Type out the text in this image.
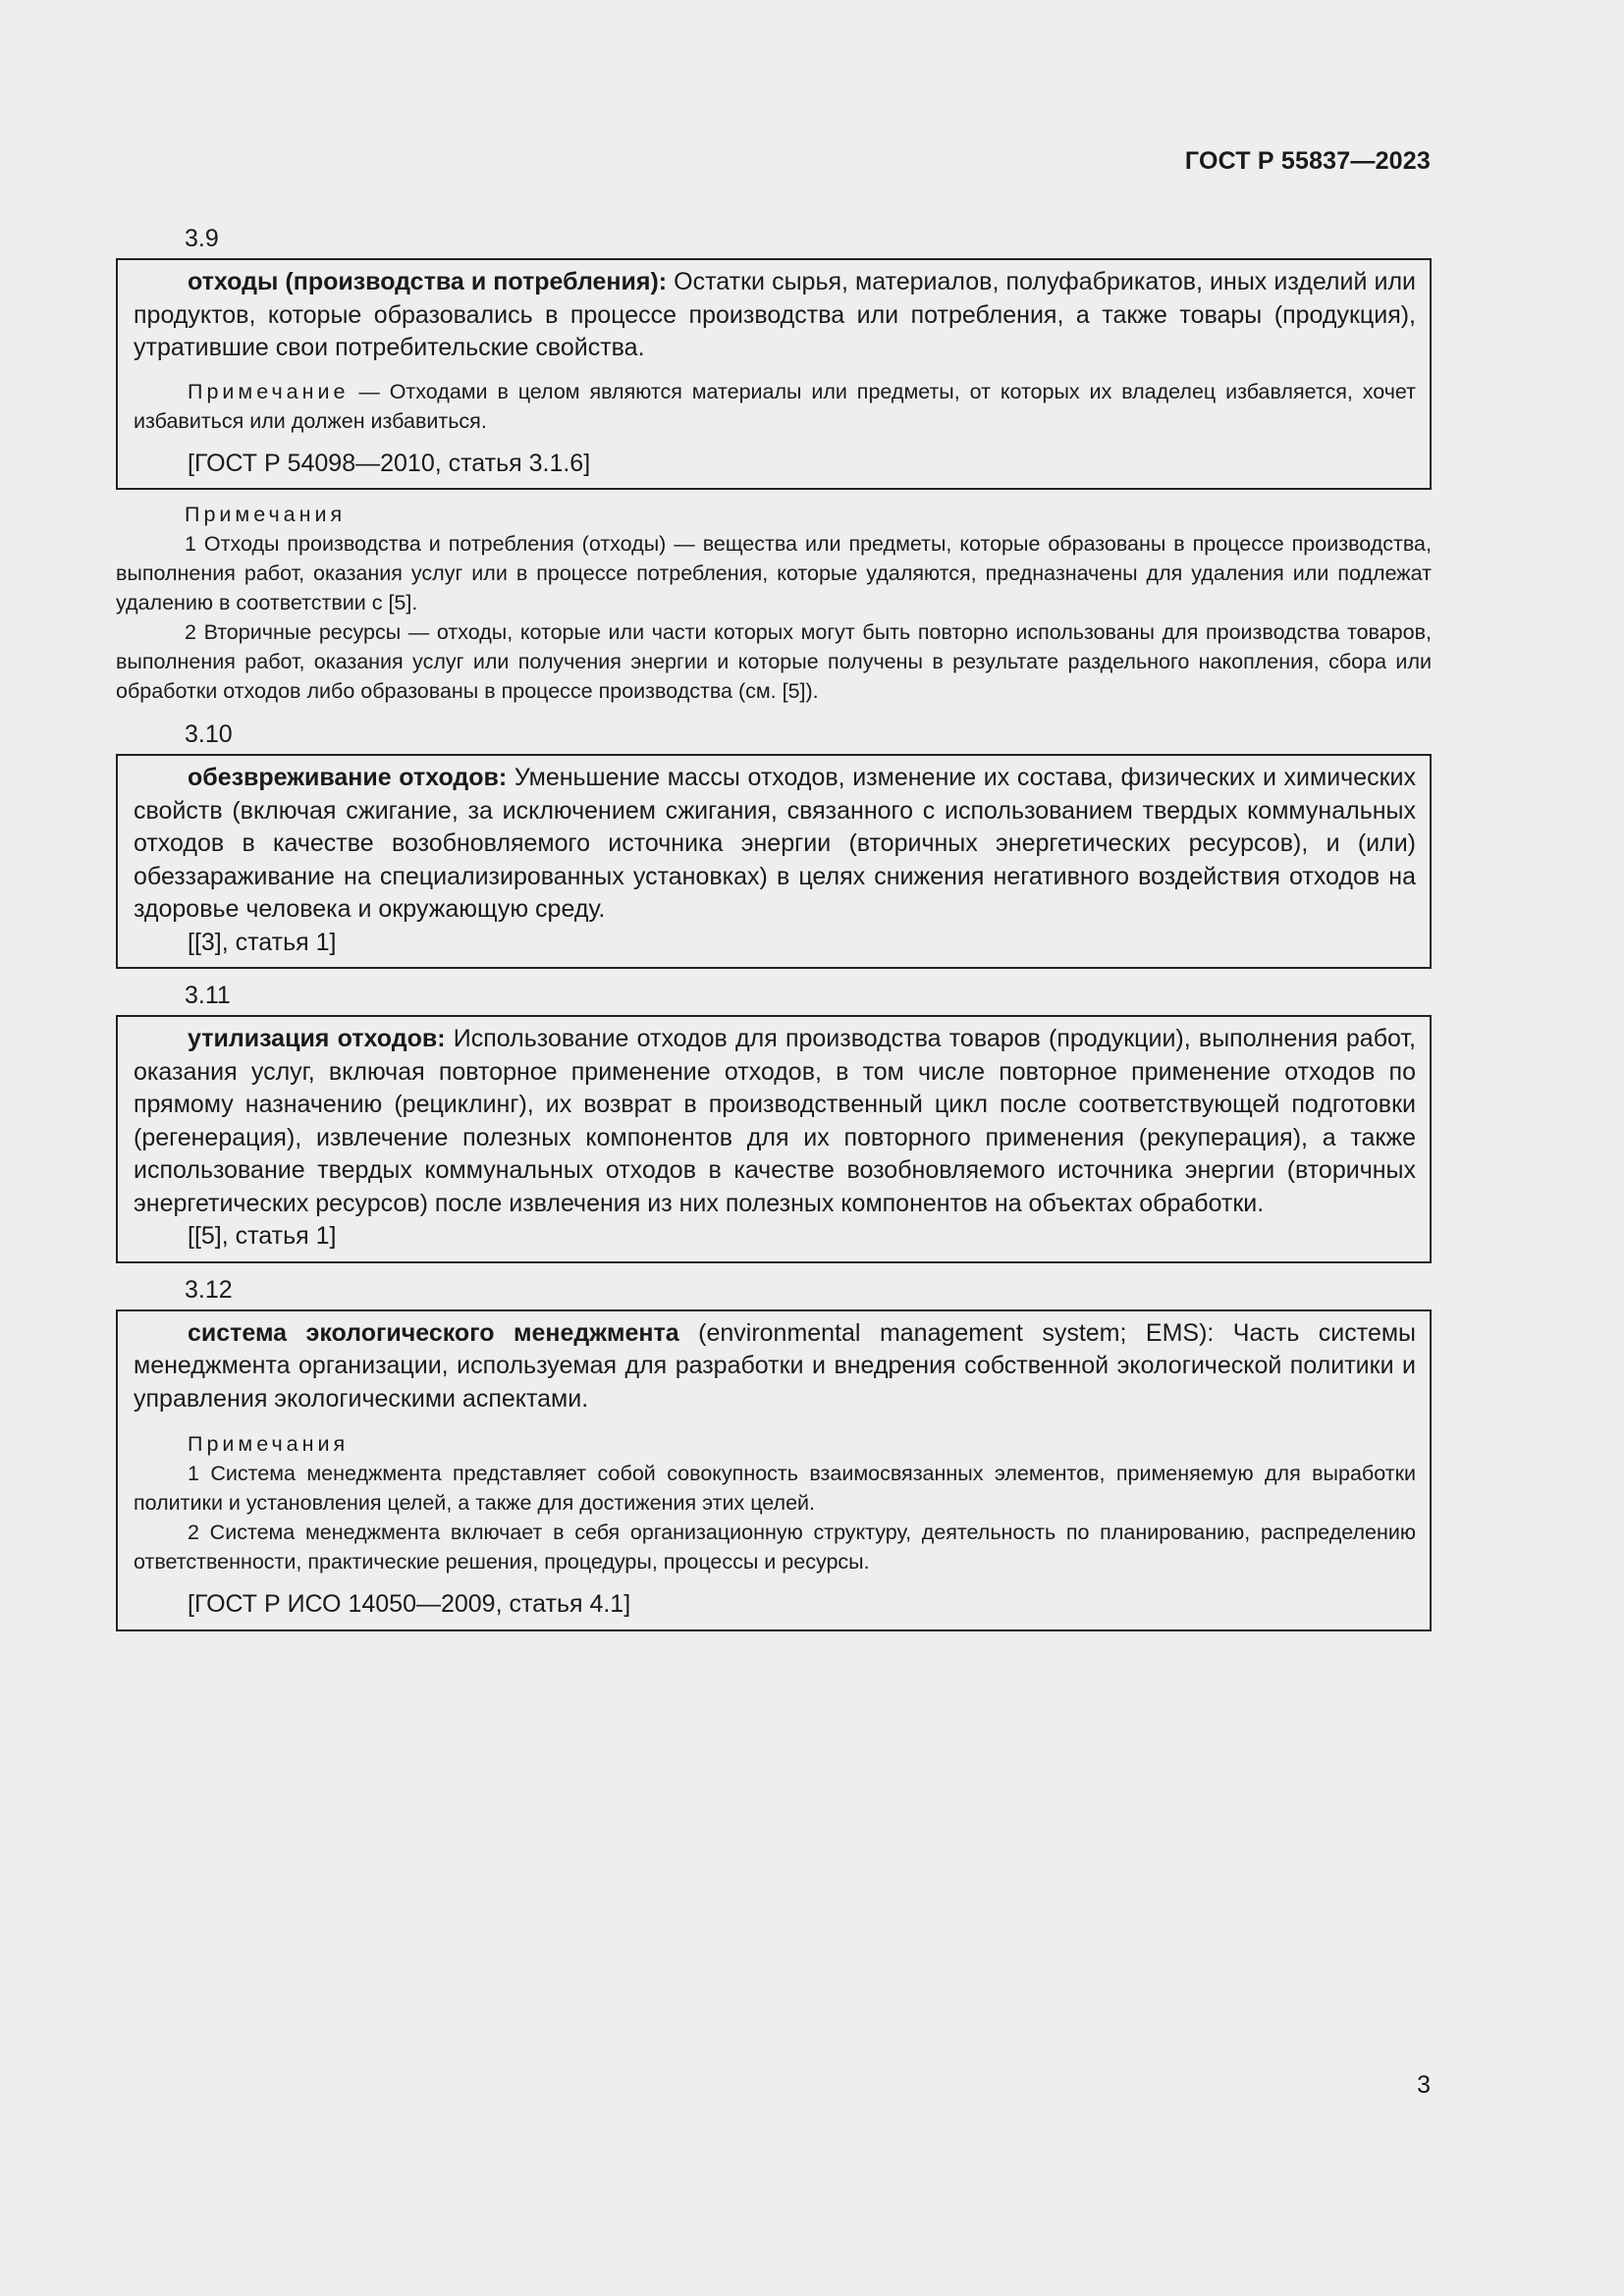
ГОСТ Р 55837—2023
3.9

отходы (производства и потребления): Остатки сырья, материалов, полуфабрикатов, иных изделий или продуктов, которые образовались в процессе производства или потребления, а также товары (продукция), утратившие свои потребительские свойства.

Примечание — Отходами в целом являются материалы или предметы, от которых их владелец избавляется, хочет избавиться или должен избавиться.

[ГОСТ Р 54098—2010, статья 3.1.6]

Примечания

1 Отходы производства и потребления (отходы) — вещества или предметы, которые образованы в процессе производства, выполнения работ, оказания услуг или в процессе потребления, которые удаляются, предназначены для удаления или подлежат удалению в соответствии с [5].

2 Вторичные ресурсы — отходы, которые или части которых могут быть повторно использованы для производства товаров, выполнения работ, оказания услуг или получения энергии и которые получены в результате раздельного накопления, сбора или обработки отходов либо образованы в процессе производства (см. [5]).

3.10

обезвреживание отходов: Уменьшение массы отходов, изменение их состава, физических и химических свойств (включая сжигание, за исключением сжигания, связанного с использованием твердых коммунальных отходов в качестве возобновляемого источника энергии (вторичных энергетических ресурсов), и (или) обеззараживание на специализированных установках) в целях снижения негативного воздействия отходов на здоровье человека и окружающую среду.

[[3], статья 1]

3.11

утилизация отходов: Использование отходов для производства товаров (продукции), выполнения работ, оказания услуг, включая повторное применение отходов, в том числе повторное применение отходов по прямому назначению (рециклинг), их возврат в производственный цикл после соответствующей подготовки (регенерация), извлечение полезных компонентов для их повторного применения (рекуперация), а также использование твердых коммунальных отходов в качестве возобновляемого источника энергии (вторичных энергетических ресурсов) после извлечения из них полезных компонентов на объектах обработки.

[[5], статья 1]

3.12

система экологического менеджмента (environmental management system; EMS): Часть системы менеджмента организации, используемая для разработки и внедрения собственной экологической политики и управления экологическими аспектами.

Примечания

1 Система менеджмента представляет собой совокупность взаимосвязанных элементов, применяемую для выработки политики и установления целей, а также для достижения этих целей.

2 Система менеджмента включает в себя организационную структуру, деятельность по планированию, распределению ответственности, практические решения, процедуры, процессы и ресурсы.

[ГОСТ Р ИСО 14050—2009, статья 4.1]

3
